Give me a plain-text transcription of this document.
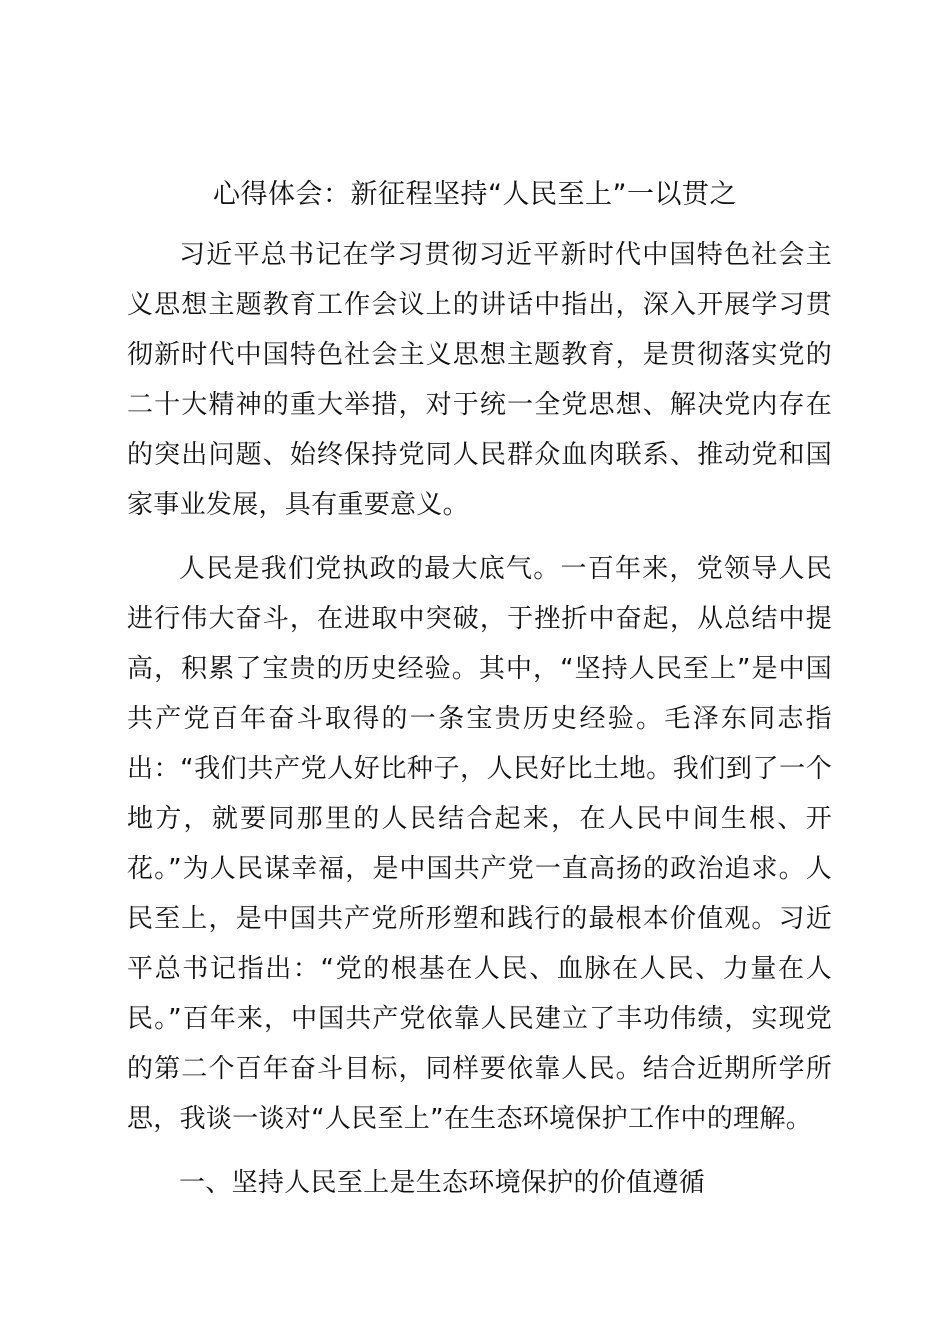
心得体会：新征程坚持“人民至上”一以贯之

习近平总书记在学习贯彻习近平新时代中国特色社会主义思想主题教育工作会议上的讲话中指出，深入开展学习贯彻新时代中国特色社会主义思想主题教育，是贯彻落实党的二十大精神的重大举措，对于统一全党思想、解决党内存在的突出问题、始终保持党同人民群众血肉联系、推动党和国家事业发展，具有重要意义。

人民是我们党执政的最大底气。一百年来，党领导人民进行伟大奋斗，在进取中突破，于挫折中奋起，从总结中提高，积累了宝贵的历史经验。其中，“坚持人民至上”是中国共产党百年奋斗取得的一条宝贵历史经验。毛泽东同志指出：“我们共产党人好比种子，人民好比土地。我们到了一个地方，就要同那里的人民结合起来，在人民中间生根、开花。”为人民谋幸福，是中国共产党一直高扬的政治追求。人民至上，是中国共产党所形塑和践行的最根本价值观。习近平总书记指出：“党的根基在人民、血脉在人民、力量在人民。”百年来，中国共产党依靠人民建立了丰功伟绩，实现党的第二个百年奋斗目标，同样要依靠人民。结合近期所学所思，我谈一谈对“人民至上”在生态环境保护工作中的理解。

一、坚持人民至上是生态环境保护的价值遵循
